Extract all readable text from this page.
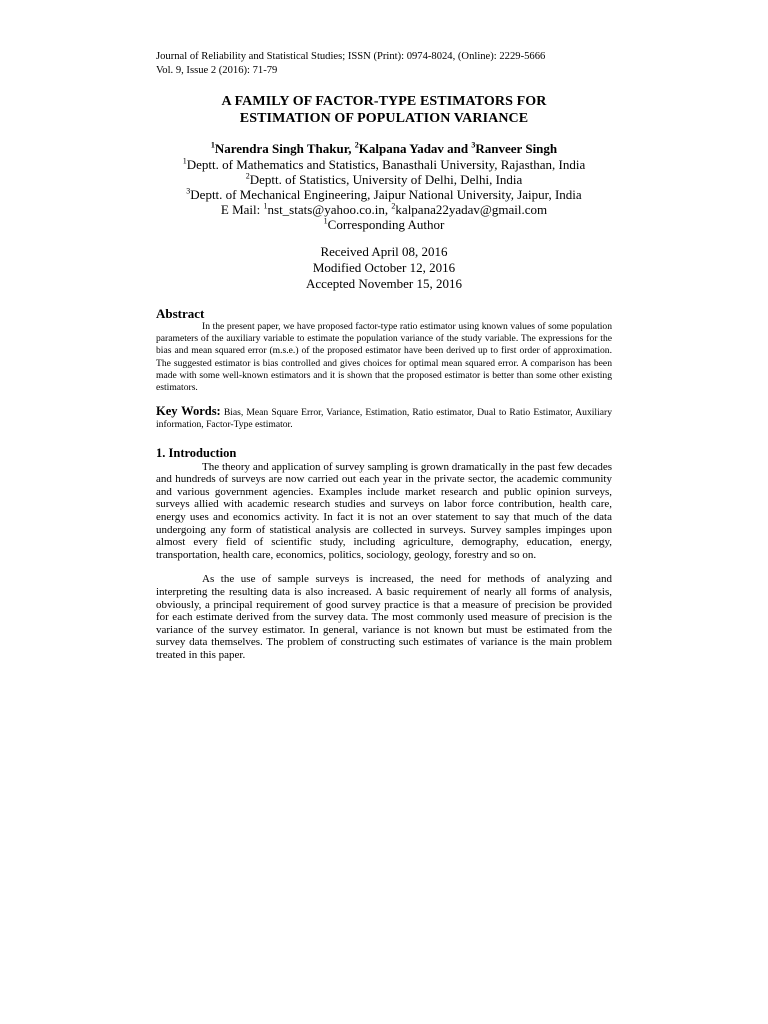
Journal of Reliability and Statistical Studies; ISSN (Print): 0974-8024, (Online): 2229-5666
Vol. 9, Issue 2 (2016): 71-79
A FAMILY OF FACTOR-TYPE ESTIMATORS FOR
ESTIMATION OF POPULATION VARIANCE
$^1$Narendra Singh Thakur, $^2$Kalpana Yadav and $^3$Ranveer Singh
$^1$Deptt. of Mathematics and Statistics, Banasthali University, Rajasthan, India
$^2$Deptt. of Statistics, University of Delhi, Delhi, India
$^3$Deptt. of Mechanical Engineering, Jaipur National University, Jaipur, India
E Mail: $^1$nst_stats@yahoo.co.in, $^2$kalpana22yadav@gmail.com
$^1$Corresponding Author
Received April 08, 2016
Modified October 12, 2016
Accepted November 15, 2016
Abstract
In the present paper, we have proposed factor-type ratio estimator using known values of some population parameters of the auxiliary variable to estimate the population variance of the study variable. The expressions for the bias and mean squared error (m.s.e.) of the proposed estimator have been derived up to first order of approximation. The suggested estimator is bias controlled and gives choices for optimal mean squared error. A comparison has been made with some well-known estimators and it is shown that the proposed estimator is better than some other existing estimators.
Key Words: Bias, Mean Square Error, Variance, Estimation, Ratio estimator, Dual to Ratio Estimator, Auxiliary information, Factor-Type estimator.
1. Introduction
The theory and application of survey sampling is grown dramatically in the past few decades and hundreds of surveys are now carried out each year in the private sector, the academic community and various government agencies. Examples include market research and public opinion surveys, surveys allied with academic research studies and surveys on labor force contribution, health care, energy uses and economics activity. In fact it is not an over statement to say that much of the data undergoing any form of statistical analysis are collected in surveys. Survey samples impinges upon almost every field of scientific study, including agriculture, demography, education, energy, transportation, health care, economics, politics, sociology, geology, forestry and so on.
As the use of sample surveys is increased, the need for methods of analyzing and interpreting the resulting data is also increased. A basic requirement of nearly all forms of analysis, obviously, a principal requirement of good survey practice is that a measure of precision be provided for each estimate derived from the survey data. The most commonly used measure of precision is the variance of the survey estimator. In general, variance is not known but must be estimated from the survey data themselves. The problem of constructing such estimates of variance is the main problem treated in this paper.
